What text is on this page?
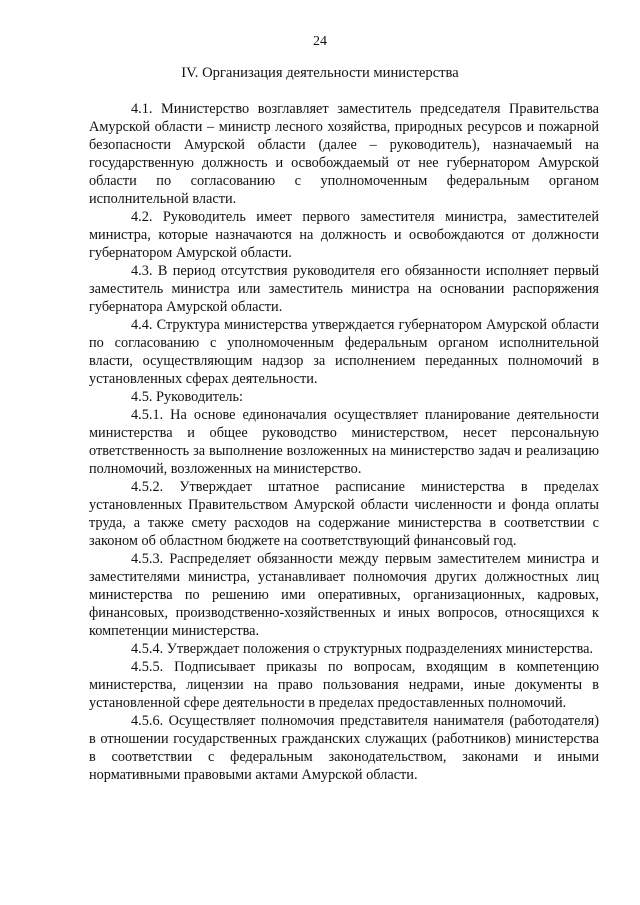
24
IV. Организация деятельности министерства

4.1. Министерство возглавляет заместитель председателя Правительства Амурской области – министр лесного хозяйства, природных ресурсов и пожарной безопасности Амурской области (далее – руководитель), назначаемый на государственную должность и освобождаемый от нее губернатором Амурской области по согласованию с уполномоченным федеральным органом исполнительной власти.

4.2. Руководитель имеет первого заместителя министра, заместителей министра, которые назначаются на должность и освобождаются от должности губернатором Амурской области.

4.3. В период отсутствия руководителя его обязанности исполняет первый заместитель министра или заместитель министра на основании распоряжения губернатора Амурской области.

4.4. Структура министерства утверждается губернатором Амурской области по согласованию с уполномоченным федеральным органом исполнительной власти, осуществляющим надзор за исполнением переданных полномочий в установленных сферах деятельности.

4.5. Руководитель:

4.5.1. На основе единоначалия осуществляет планирование деятельности министерства и общее руководство министерством, несет персональную ответственность за выполнение возложенных на министерство задач и реализацию полномочий, возложенных на министерство.

4.5.2. Утверждает штатное расписание министерства в пределах установленных Правительством Амурской области численности и фонда оплаты труда, а также смету расходов на содержание министерства в соответствии с законом об областном бюджете на соответствующий финансовый год.

4.5.3. Распределяет обязанности между первым заместителем министра и заместителями министра, устанавливает полномочия других должностных лиц министерства по решению ими оперативных, организационных, кадровых, финансовых, производственно-хозяйственных и иных вопросов, относящихся к компетенции министерства.

4.5.4. Утверждает положения о структурных подразделениях министерства.

4.5.5. Подписывает приказы по вопросам, входящим в компетенцию министерства, лицензии на право пользования недрами, иные документы в установленной сфере деятельности в пределах предоставленных полномочий.

4.5.6. Осуществляет полномочия представителя нанимателя (работодателя) в отношении государственных гражданских служащих (работников) министерства в соответствии с федеральным законодательством, законами и иными нормативными правовыми актами Амурской области.
